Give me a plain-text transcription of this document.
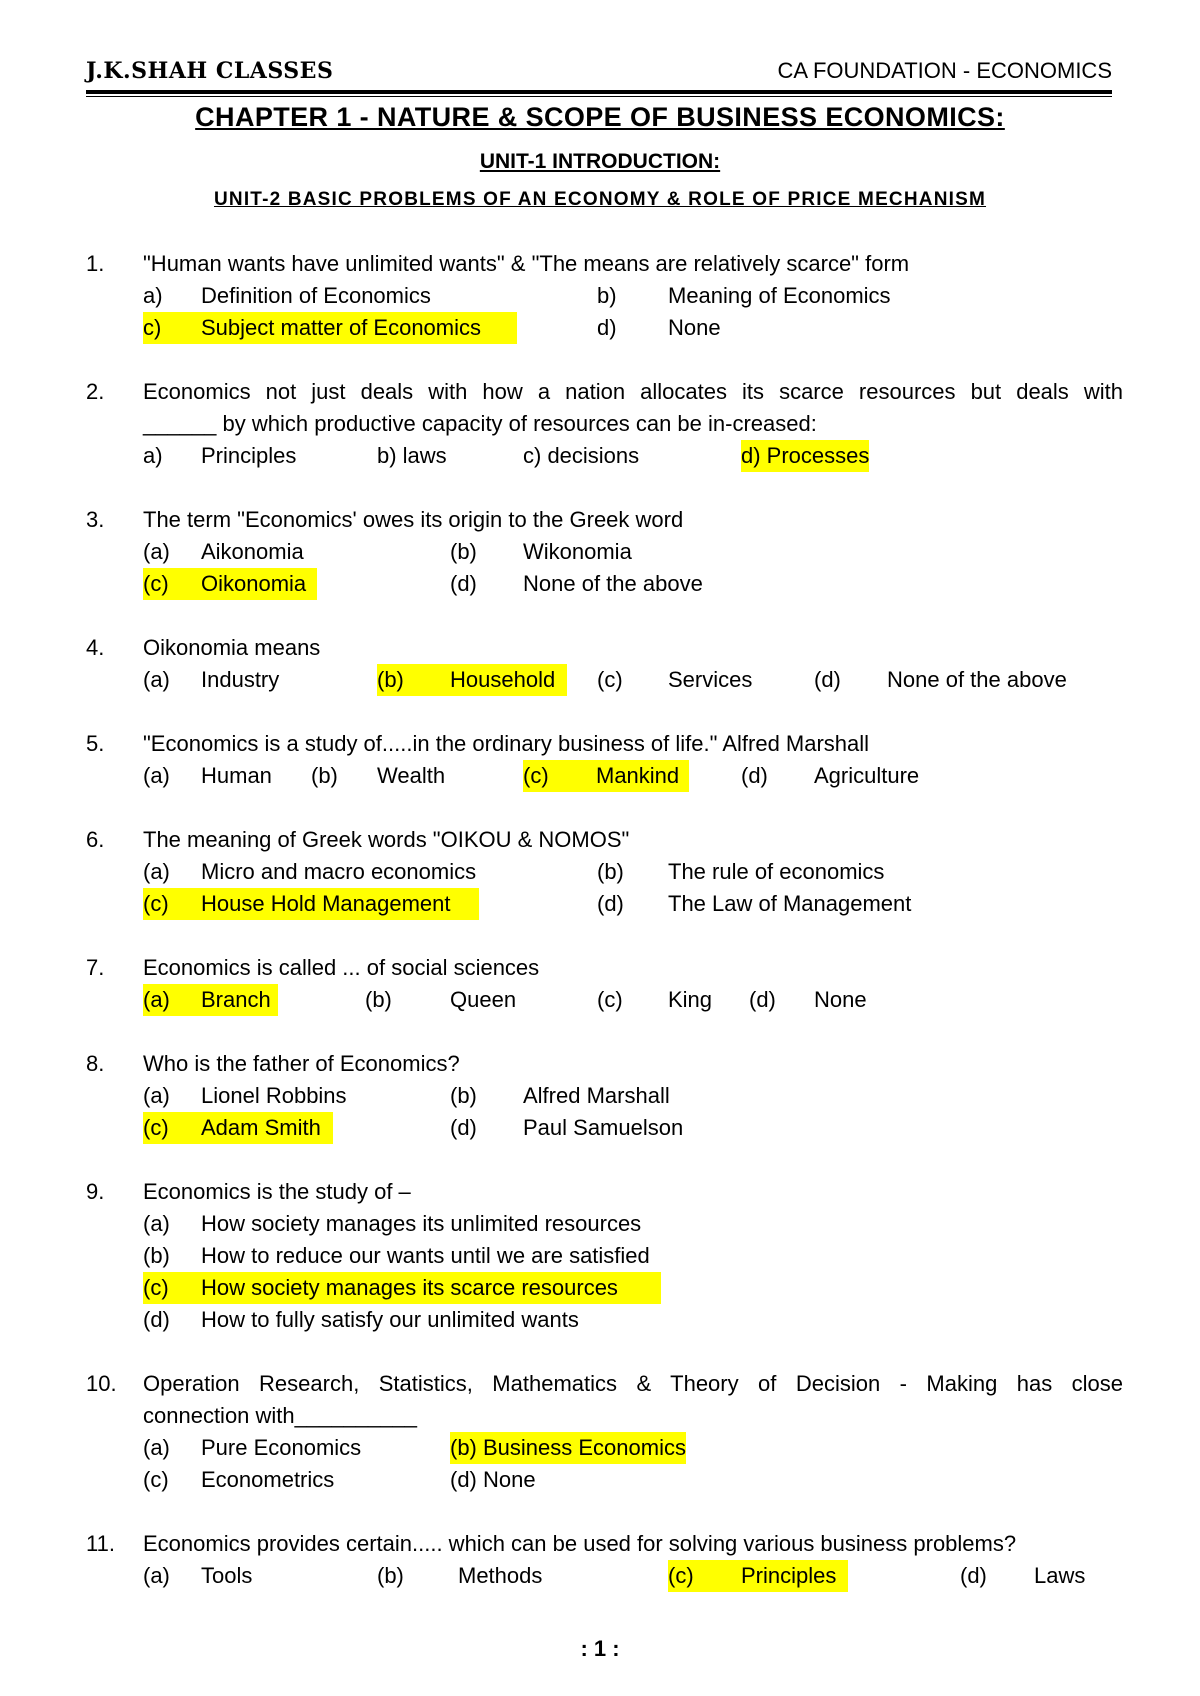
J.K.SHAH CLASSES	CA FOUNDATION - ECONOMICS
CHAPTER 1 - NATURE & SCOPE OF BUSINESS ECONOMICS:
UNIT-1 INTRODUCTION:
UNIT-2 BASIC PROBLEMS OF AN ECONOMY & ROLE OF PRICE MECHANISM
1. "Human wants have unlimited wants" & "The means are relatively scarce" form
a) Definition of Economics	b) Meaning of Economics
c) Subject matter of Economics	d) None
2. Economics not just deals with how a nation allocates its scarce resources but deals with
______ by which productive capacity of resources can be in-creased:
a) Principles	b) laws	c) decisions	d) Processes
3. The term "Economics' owes its origin to the Greek word
(a) Aikonomia	(b) Wikonomia
(c) Oikonomia	(d) None of the above
4. Oikonomia means
(a) Industry	(b) Household (c) Services	(d) None of the above
5. "Economics is a study of.....in the ordinary business of life." Alfred Marshall
(a) Human (b) Wealth	(c) Mankind	(d) Agriculture
6. The meaning of Greek words "OIKOU & NOMOS"
(a) Micro and macro economics	(b) The rule of economics
(c) House Hold Management	(d) The Law of Management
7. Economics is called ... of social sciences
(a) Branch	(b)	Queen	(c) King (d) None
8. Who is the father of Economics?
(a) Lionel Robbins	(b) Alfred Marshall
(c) Adam Smith	(d) Paul Samuelson
9. Economics is the study of –
(a) How society manages its unlimited resources
(b) How to reduce our wants until we are satisfied
(c) How society manages its scarce resources
(d) How to fully satisfy our unlimited wants
10. Operation Research, Statistics, Mathematics & Theory of Decision - Making has close
connection with__________
(a) Pure Economics	(b) Business Economics
(c) Econometrics	(d) None
11. Economics provides certain..... which can be used for solving various business problems?
(a) Tools	(b) Methods	(c) Principles	(d) Laws
: 1 :
